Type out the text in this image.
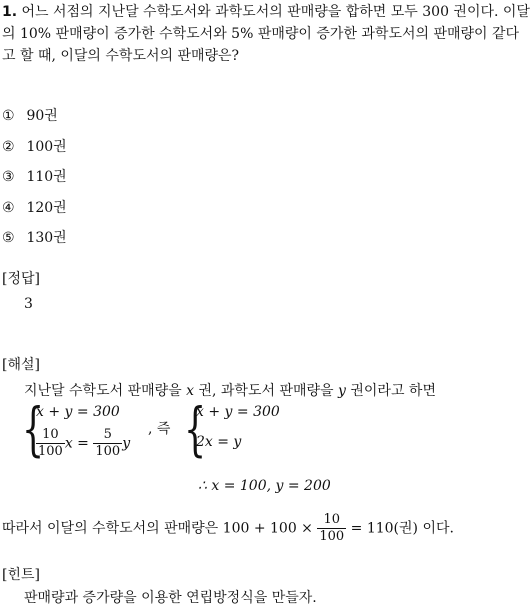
1. 어느 서점의 지난달 수학도서와 과학도서의 판매량을 합하면 모두 300 권이다. 이달의 10% 판매량이 증가한 수학도서와 5% 판매량이 증가한 과학도서의 판매량이 같다고 할 때, 이달의 수학도서의 판매량은?
① 90권
② 100권
③ 110권
④ 120권
⑤ 130권
[정답]
3
[해설]
지난달 수학도서 판매량을 x 권, 과학도서 판매량을 y 권이라고 하면
{
x + y = 300
$\frac{10}{100}$ $x = \frac{5}{100}$ y
, 즉 {
x + y = 300
2x = y
∴ x = 100, y = 200
따라서 이달의 수학도서의 판매량은 $100 + 100 \times \frac{10}{100} = 110$(권) 이다.
[힌트]
판매량과 증가량을 이용한 연립방정식을 만들자.
